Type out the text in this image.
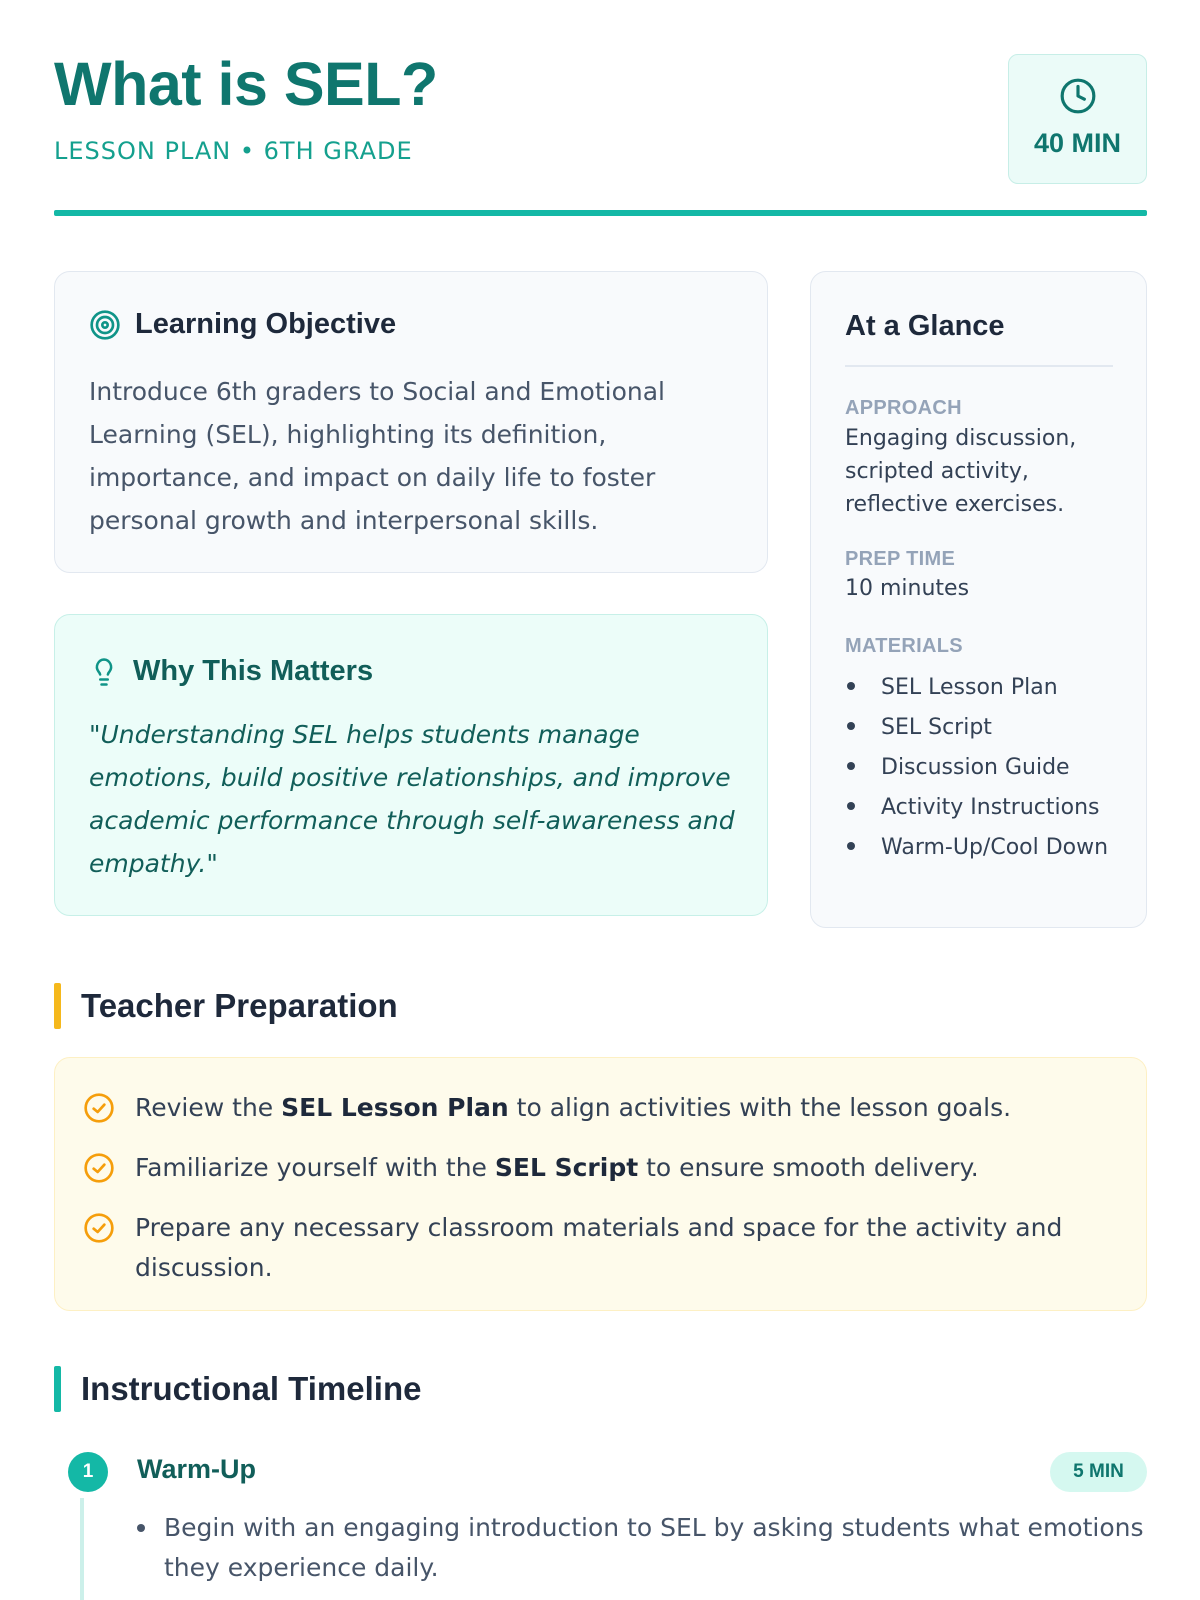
What is SEL?
LESSON PLAN • 6TH GRADE	40 MIN
Learning Objective
Introduce 6th graders to Social and Emotional Learning (SEL), highlighting its definition, importance, and impact on daily life to foster personal growth and interpersonal skills.
Why This Matters
"Understanding SEL helps students manage emotions, build positive relationships, and improve academic performance through self-awareness and empathy."
At a Glance
APPROACH
Engaging discussion, scripted activity, reflective exercises.
PREP TIME
10 minutes
MATERIALS
SEL Lesson Plan
SEL Script
Discussion Guide
Activity Instructions
Warm-Up/Cool Down
Teacher Preparation
Review the SEL Lesson Plan to align activities with the lesson goals.
Familiarize yourself with the SEL Script to ensure smooth delivery.
Prepare any necessary classroom materials and space for the activity and discussion.
Instructional Timeline
1	Warm-Up	5 MIN
Begin with an engaging introduction to SEL by asking students what emotions they experience daily.
